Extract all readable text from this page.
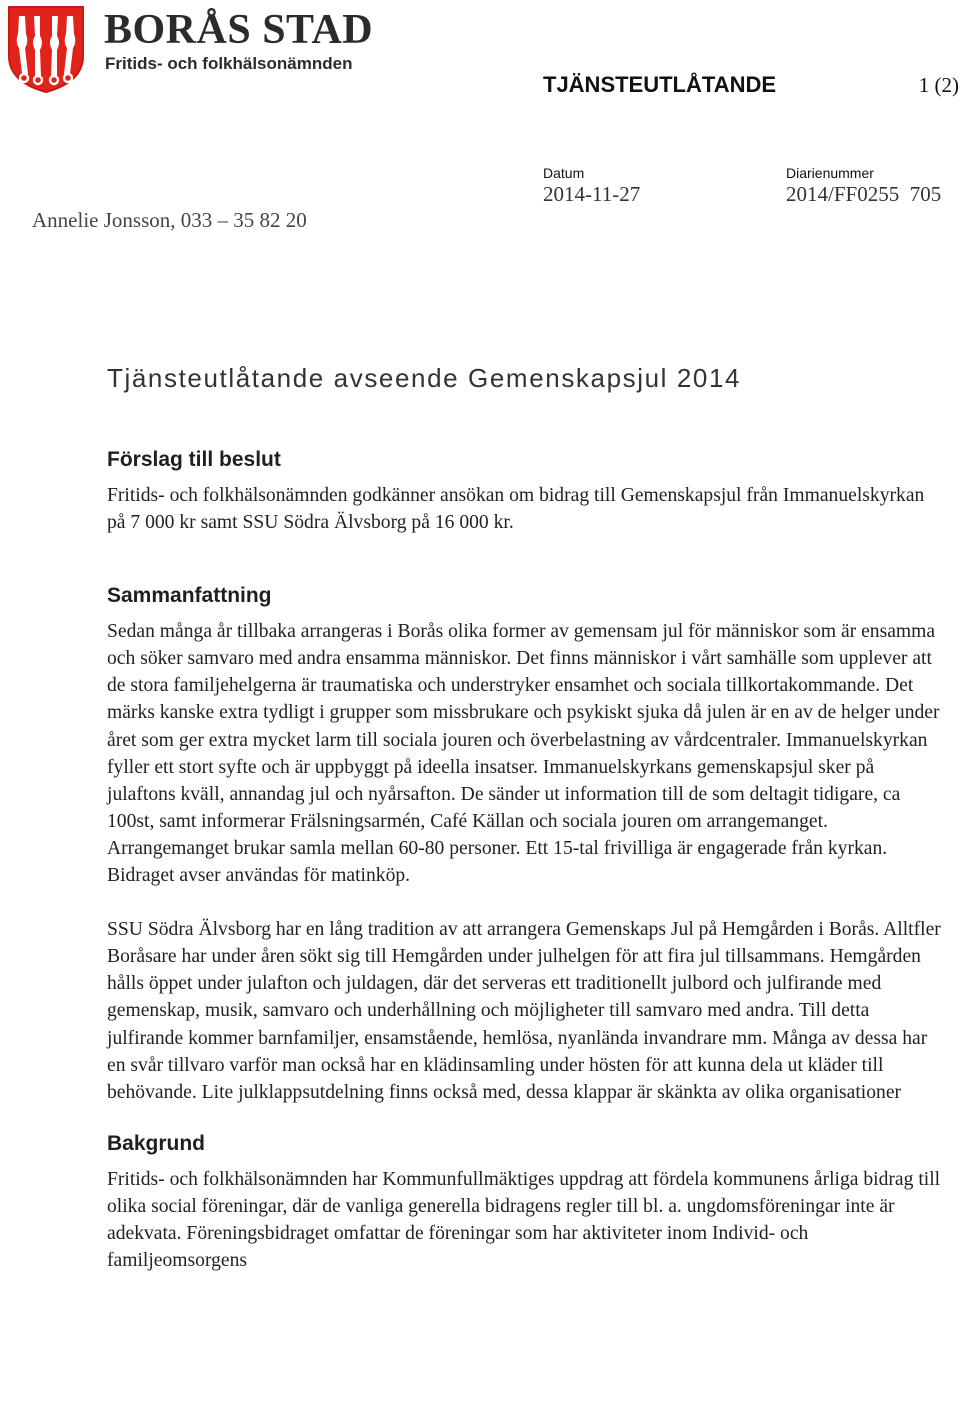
BORÅS STAD
Fritids- och folkhälsonämnden
TJÄNSTEUTLÅTANDE	1 (2)
Datum
2014-11-27
Diarienummer
2014/FF0255  705
Annelie Jonsson, 033 – 35 82 20
Tjänsteutlåtande avseende Gemenskapsjul 2014
Förslag till beslut

Fritids- och folkhälsonämnden godkänner ansökan om bidrag till Gemenskapsjul från Immanuelskyrkan på 7 000 kr samt SSU Södra Älvsborg på 16 000 kr.

Sammanfattning

Sedan många år tillbaka arrangeras i Borås olika former av gemensam jul för människor som är ensamma och söker samvaro med andra ensamma människor. Det finns människor i vårt samhälle som upplever att de stora familjehelgerna är traumatiska och understryker ensamhet och sociala tillkortakommande. Det märks kanske extra tydligt i grupper som missbrukare och psykiskt sjuka då julen är en av de helger under året som ger extra mycket larm till sociala jouren och överbelastning av vårdcentraler. Immanuelskyrkan fyller ett stort syfte och är uppbyggt på ideella insatser. Immanuelskyrkans gemenskapsjul sker på julaftons kväll, annandag jul och nyårsafton. De sänder ut information till de som deltagit tidigare, ca 100st, samt informerar Frälsningsarmén, Café Källan och sociala jouren om arrangemanget. Arrangemanget brukar samla mellan 60-80 personer. Ett 15-tal frivilliga är engagerade från kyrkan. Bidraget avser användas för matinköp.

SSU Södra Älvsborg har en lång tradition av att arrangera Gemenskaps Jul på Hemgården i Borås. Alltfler Boråsare har under åren sökt sig till Hemgården under julhelgen för att fira jul tillsammans. Hemgården hålls öppet under julafton och juldagen, där det serveras ett traditionellt julbord och julfirande med gemenskap, musik, samvaro och underhållning och möjligheter till samvaro med andra. Till detta julfirande kommer barnfamiljer, ensamstående, hemlösa, nyanlända invandrare mm. Många av dessa har en svår tillvaro varför man också har en klädinsamling under hösten för att kunna dela ut kläder till behövande. Lite julklappsutdelning finns också med, dessa klappar är skänkta av olika organisationer

Bakgrund

Fritids- och folkhälsonämnden har Kommunfullmäktiges uppdrag att fördela kommunens årliga bidrag till olika social föreningar, där de vanliga generella bidragens regler till bl. a. ungdomsföreningar inte är adekvata. Föreningsbidraget omfattar de föreningar som har aktiviteter inom Individ- och familjeomsorgens
